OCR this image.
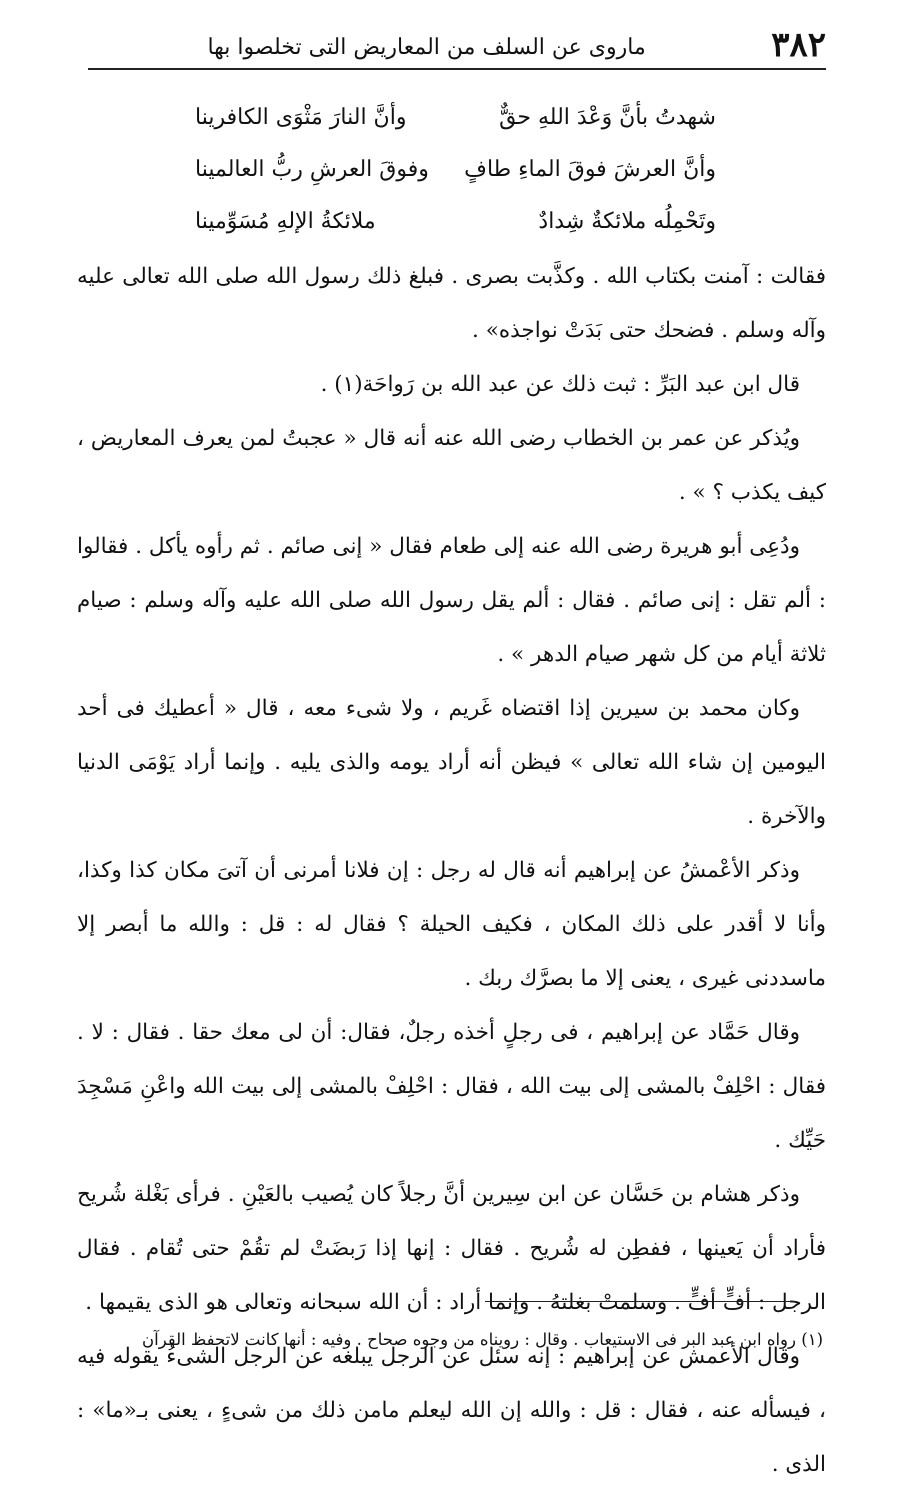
٣٨٢
ماروى عن السلف من المعاريض التى تخلصوا بها
شهدتُ بأنَّ وَعْدَ اللهِ حقٌّ
وأنَّ النارَ مَثْوَى الكافرينا
وأنَّ العرشَ فوقَ الماءِ طافٍ
وفوقَ العرشِ ربُّ العالمينا
وتَحْمِلُه ملائكةٌ شِدادٌ
ملائكةُ الإلهِ مُسَوِّمينا

فقالت : آمنت بكتاب الله . وكذَّبت بصرى . فبلغ ذلك رسول الله صلى الله تعالى عليه وآله وسلم . فضحك حتى بَدَتْ نواجذه» .

قال ابن عبد البَرِّ : ثبت ذلك عن عبد الله بن رَواحَة(١) .

ويُذكر عن عمر بن الخطاب رضى الله عنه أنه قال « عجبتُ لمن يعرف المعاريض ، كيف يكذب ؟ » .

ودُعِى أبو هريرة رضى الله عنه إلى طعام فقال « إنى صائم . ثم رأوه يأكل . فقالوا : ألم تقل : إنى صائم . فقال : ألم يقل رسول الله صلى الله عليه وآله وسلم : صيام ثلاثة أيام من كل شهر صيام الدهر » .

وكان محمد بن سيرين إذا اقتضاه غَريم ، ولا شىء معه ، قال « أعطيك فى أحد اليومين إن شاء الله تعالى » فيظن أنه أراد يومه والذى يليه . وإنما أراد يَوْمَى الدنيا والآخرة .

وذكر الأعْمشُ عن إبراهيم أنه قال له رجل : إن فلانا أمرنى أن آتىَ مكان كذا وكذا، وأنا لا أقدر على ذلك المكان ، فكيف الحيلة ؟ فقال له : قل : والله ما أبصر إلا ماسددنى غيرى ، يعنى إلا ما بصرَّك ربك .

وقال حَمَّاد عن إبراهيم ، فى رجلٍ أخذه رجلٌ، فقال: أن لى معك حقا . فقال : لا . فقال : احْلِفْ بالمشى إلى بيت الله ، فقال : احْلِفْ بالمشى إلى بيت الله واعْنِ مَسْجِدَ حَيِّك .

وذكر هشام بن حَسَّان عن ابن سِيرين أنَّ رجلاً كان يُصيب بالعَيْنِ . فرأى بَغْلة شُريح فأراد أن يَعينها ، ففطِن له شُريح . فقال : إنها إذا رَبضَتْ لم تقُمْ حتى تُقام . فقال الرجل : أفٍّ أفٍّ . وسلمتْ بغلتهُ . وإنما أراد : أن الله سبحانه وتعالى هو الذى يقيمها .

وقال الأعمش عن إبراهيم : إنه سئل عن الرجل يبلغه عن الرجل الشىءُ يقوله فيه ، فيسأله عنه ، فقال : قل : والله إن الله ليعلم مامن ذلك من شىءٍ ، يعنى بـ«ما» : الذى .

(١) رواه ابن عبد البر فى الاستيعاب . وقال : رويناه من وجوه صحاح . وفيه : أنها كانت لاتحفظ القرآن
